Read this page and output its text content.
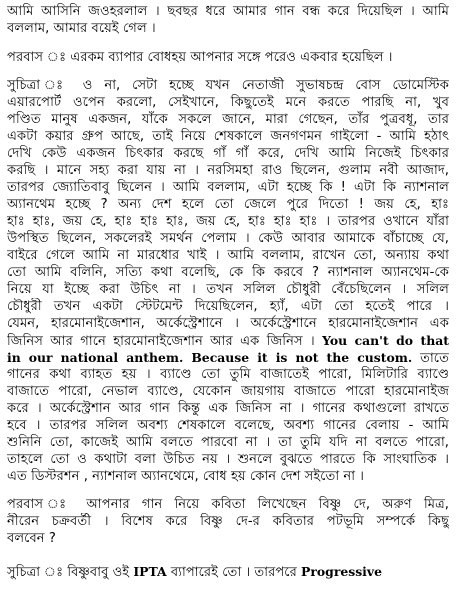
আমি আসিনি জওহরলাল । ছবছর ধরে আমার গান বন্ধ করে দিয়েছিল । আমি
বললাম, আমার বয়েই গেল ।

পরবাস ঃ এরকম ব্যাপার বোধহয় আপনার সঙ্গে পরেও একবার হয়েছিল ।

সুচিত্রা ঃ ও না, সেটা হচ্ছে যখন নেতাজী সুভাষচন্দ্র বোস ডোমেস্টিক
এয়ারপোর্ট ওপেন করলো, সেইখানে, কিছুতেই মনে করতে পারছি না, খুব
পণ্ডিত মানুষ একজন, যাঁকে সকলে জানে, মারা গেছেন, তাঁর পুত্রবধূ, তার
একটা কয়ার গ্রুপ আছে, তাই নিয়ে শেষকালে জনগণমন গাইলো - আমি হঠাৎ
দেখি কেউ একজন চিৎকার করছে গাঁ গাঁ করে, দেখি আমি নিজেই চিৎকার
করছি । মানে সহ্য করা যায় না । নরসিমহা রাও ছিলেন, গুলাম নবী আজাদ,
তারপর জ্যোতিবাবু ছিলেন । আমি বললাম, এটা হচ্ছে কি ! এটা কি ন্যাশনাল
অ্যানথেম হচ্ছে ? অন্য দেশ হলে তো জেলে পুরে দিতো ! জয় হে, হাঃ
হাঃ হাঃ, জয় হে, হাঃ হাঃ হাঃ, জয় হে, হাঃ হাঃ হাঃ । তারপর ওখানে যাঁরা
উপস্থিত ছিলেন, সকলেরই সমর্থন পেলাম । কেউ আবার আমাকে বাঁচাচ্ছে যে,
বাইরে গেলে আমি না মারধোর খাই । আমি বললাম, রাখেন তো, অন্যায় কথা
তো আমি বলিনি, সত্যি কথা বলেছি, কে কি করবে ? ন্যাশনাল অ্যানথেম-কে
নিয়ে যা ইচ্ছে করা উচিৎ না । তখন সলিল চৌধুরী বেঁচেছিলেন । সলিল
চৌধুরী তখন একটা স্টেটমেন্ট দিয়েছিলেন, হ্যাঁ, এটা তো হতেই পারে ।
যেমন, হারমোনাইজেশান, অর্কেস্ট্রেশানে । অর্কেস্ট্রেশানে হারমোনাইজেশান এক
জিনিস আর গানে হারমোনাইজেশান আর এক জিনিস । You can't do that
in our national anthem. Because it is not the custom. তাতে
গানের কথা ব্যাহত হয় । ব্যাণ্ডে তো তুমি বাজাতেই পারো, মিলিটারি ব্যাণ্ডে
বাজাতে পারো, নেভাল ব্যাণ্ডে, যেকোন জায়গায় বাজাতে পারো হারমোনাইজ
করে । অর্কেস্ট্রেশান আর গান কিন্তু এক জিনিস না । গানের কথাগুলো রাখতে
হবে । তারপর সলিল অবশ্য শেষকালে বলেছে, অবশ্য গানের বেলায় - আমি
শুনিনি তো, কাজেই আমি বলতে পারবো না । তা তুমি যদি না বলতে পারো,
তাহলে তো ও কথাটা বলা উচিত নয় । শুনলে বুঝতে পারতে কি সাংঘাতিক ।
এত ডিস্টরশন , ন্যাশনাল অ্যানথেমে, বোধ হয় কোন দেশ সইতো না ।

পরবাস ঃ আপনার গান নিয়ে কবিতা লিখেছেন বিষ্ণু দে, অরুণ মিত্র,
নীরেন চক্রবর্তী । বিশেষ করে বিষ্ণু দে-র কবিতার পটভূমি সম্পর্কে কিছু
বলবেন ?

সুচিত্রা ঃ বিষ্ণুবাবু ওই IPTA ব্যাপারেই তো । তারপরে Progressive
